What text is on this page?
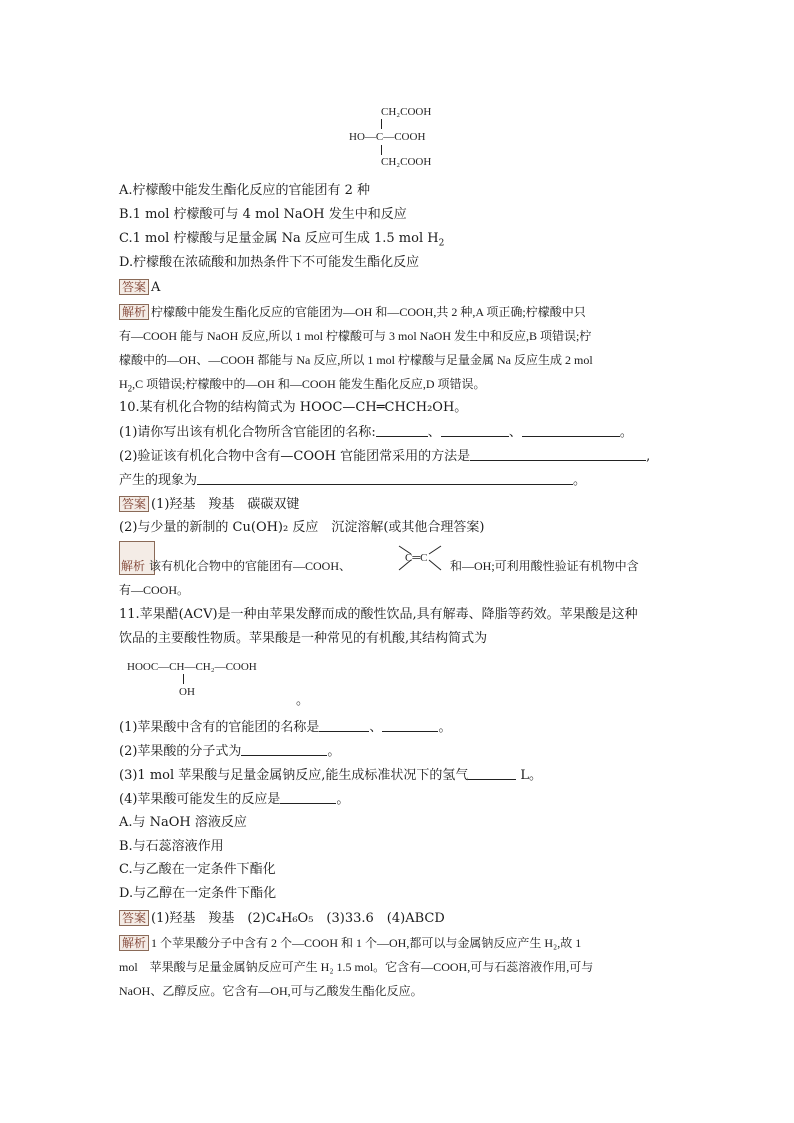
CH₂COOH
HO—C—COOH
CH₂COOH
A.柠檬酸中能发生酯化反应的官能团有 2 种
B.1 mol 柠檬酸可与 4 mol NaOH 发生中和反应
C.1 mol 柠檬酸与足量金属 Na 反应可生成 1.5 mol $H_2$
D.柠檬酸在浓硫酸和加热条件下不可能发生酯化反应
答案 A
解析 柠檬酸中能发生酯化反应的官能团为—OH 和—COOH,共 2 种,A 项正确;柠檬酸中只
有—COOH 能与 NaOH 反应,所以 1 mol 柠檬酸可与 3 mol NaOH 发生中和反应,B 项错误;柠
檬酸中的—OH、—COOH 都能与 Na 反应,所以 1 mol 柠檬酸与足量金属 Na 反应生成 2 mol
$H_2,C$ 项错误;柠檬酸中的—OH 和—COOH 能发生酯化反应,D 项错误。
10.某有机化合物的结构简式为 HOOC—CH═CHCH₂OH。
(1)请你写出该有机化合物所含官能团的名称:	、	、	。
(2)验证该有机化合物中含有—COOH 官能团常采用的方法是	,
产生的现象为	。
答案 (1)羟基　羧基　碳碳双键
(2)与少量的新制的 Cu(OH)₂ 反应　沉淀溶解(或其他合理答案)
解析 该有机化合物中的官能团有—COOH、
C═C
和—OH;可利用酸性验证有机物中含
有—COOH。
11.苹果醋(ACV)是一种由苹果发酵而成的酸性饮品,具有解毒、降脂等药效。苹果酸是这种
饮品的主要酸性物质。苹果酸是一种常见的有机酸,其结构简式为
HOOC—CH—CH₂—COOH
OH	。
(1)苹果酸中含有的官能团的名称是	、	。
(2)苹果酸的分子式为	。
(3)1 mol 苹果酸与足量金属钠反应,能生成标准状况下的氢气	L。
(4)苹果酸可能发生的反应是	。
A.与 NaOH 溶液反应
B.与石蕊溶液作用
C.与乙酸在一定条件下酯化
D.与乙醇在一定条件下酯化
答案 (1)羟基　羧基　(2)C₄H₆O₅　(3)33.6　(4)ABCD
解析 1 个苹果酸分子中含有 2 个—COOH 和 1 个—OH,都可以与金属钠反应产生 H₂,故 1
mol　苹果酸与足量金属钠反应可产生 H₂ 1.5 mol。它含有—COOH,可与石蕊溶液作用,可与
NaOH、乙醇反应。它含有—OH,可与乙酸发生酯化反应。
